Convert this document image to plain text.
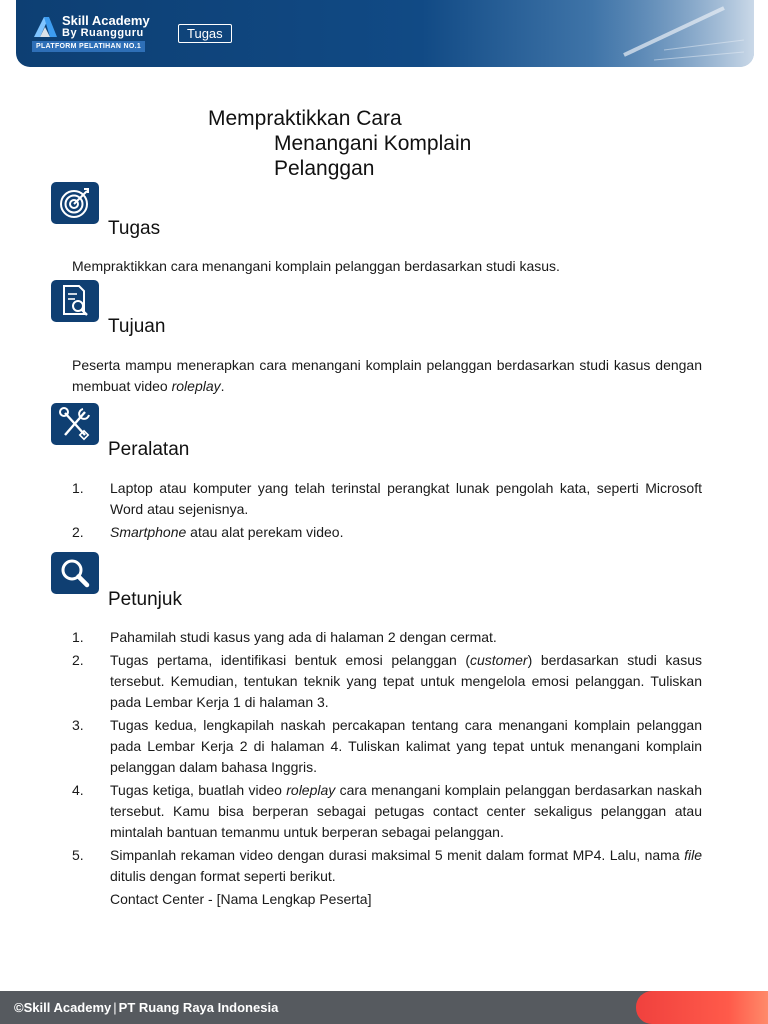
Skill Academy
By Ruangguru
PLATFORM PELATIHAN NO.1
Tugas
Mempraktikkan Cara
Menangani Komplain
Pelanggan
Tugas
Mempraktikkan cara menangani komplain pelanggan berdasarkan studi kasus.
Tujuan
Peserta mampu menerapkan cara menangani komplain pelanggan berdasarkan studi kasus dengan membuat video roleplay.
Peralatan
1. Laptop atau komputer yang telah terinstal perangkat lunak pengolah kata, seperti Microsoft Word atau sejenisnya.
2. Smartphone atau alat perekam video.
Petunjuk
1. Pahamilah studi kasus yang ada di halaman 2 dengan cermat.
2. Tugas pertama, identifikasi bentuk emosi pelanggan (customer) berdasarkan studi kasus tersebut. Kemudian, tentukan teknik yang tepat untuk mengelola emosi pelanggan. Tuliskan pada Lembar Kerja 1 di halaman 3.
3. Tugas kedua, lengkapilah naskah percakapan tentang cara menangani komplain pelanggan pada Lembar Kerja 2 di halaman 4. Tuliskan kalimat yang tepat untuk menangani komplain pelanggan dalam bahasa Inggris.
4. Tugas ketiga, buatlah video roleplay cara menangani komplain pelanggan berdasarkan naskah tersebut. Kamu bisa berperan sebagai petugas contact center sekaligus pelanggan atau mintalah bantuan temanmu untuk berperan sebagai pelanggan.
5. Simpanlah rekaman video dengan durasi maksimal 5 menit dalam format MP4. Lalu, nama file ditulis dengan format seperti berikut.
Contact Center - [Nama Lengkap Peserta]
©Skill Academy | PT Ruang Raya Indonesia
